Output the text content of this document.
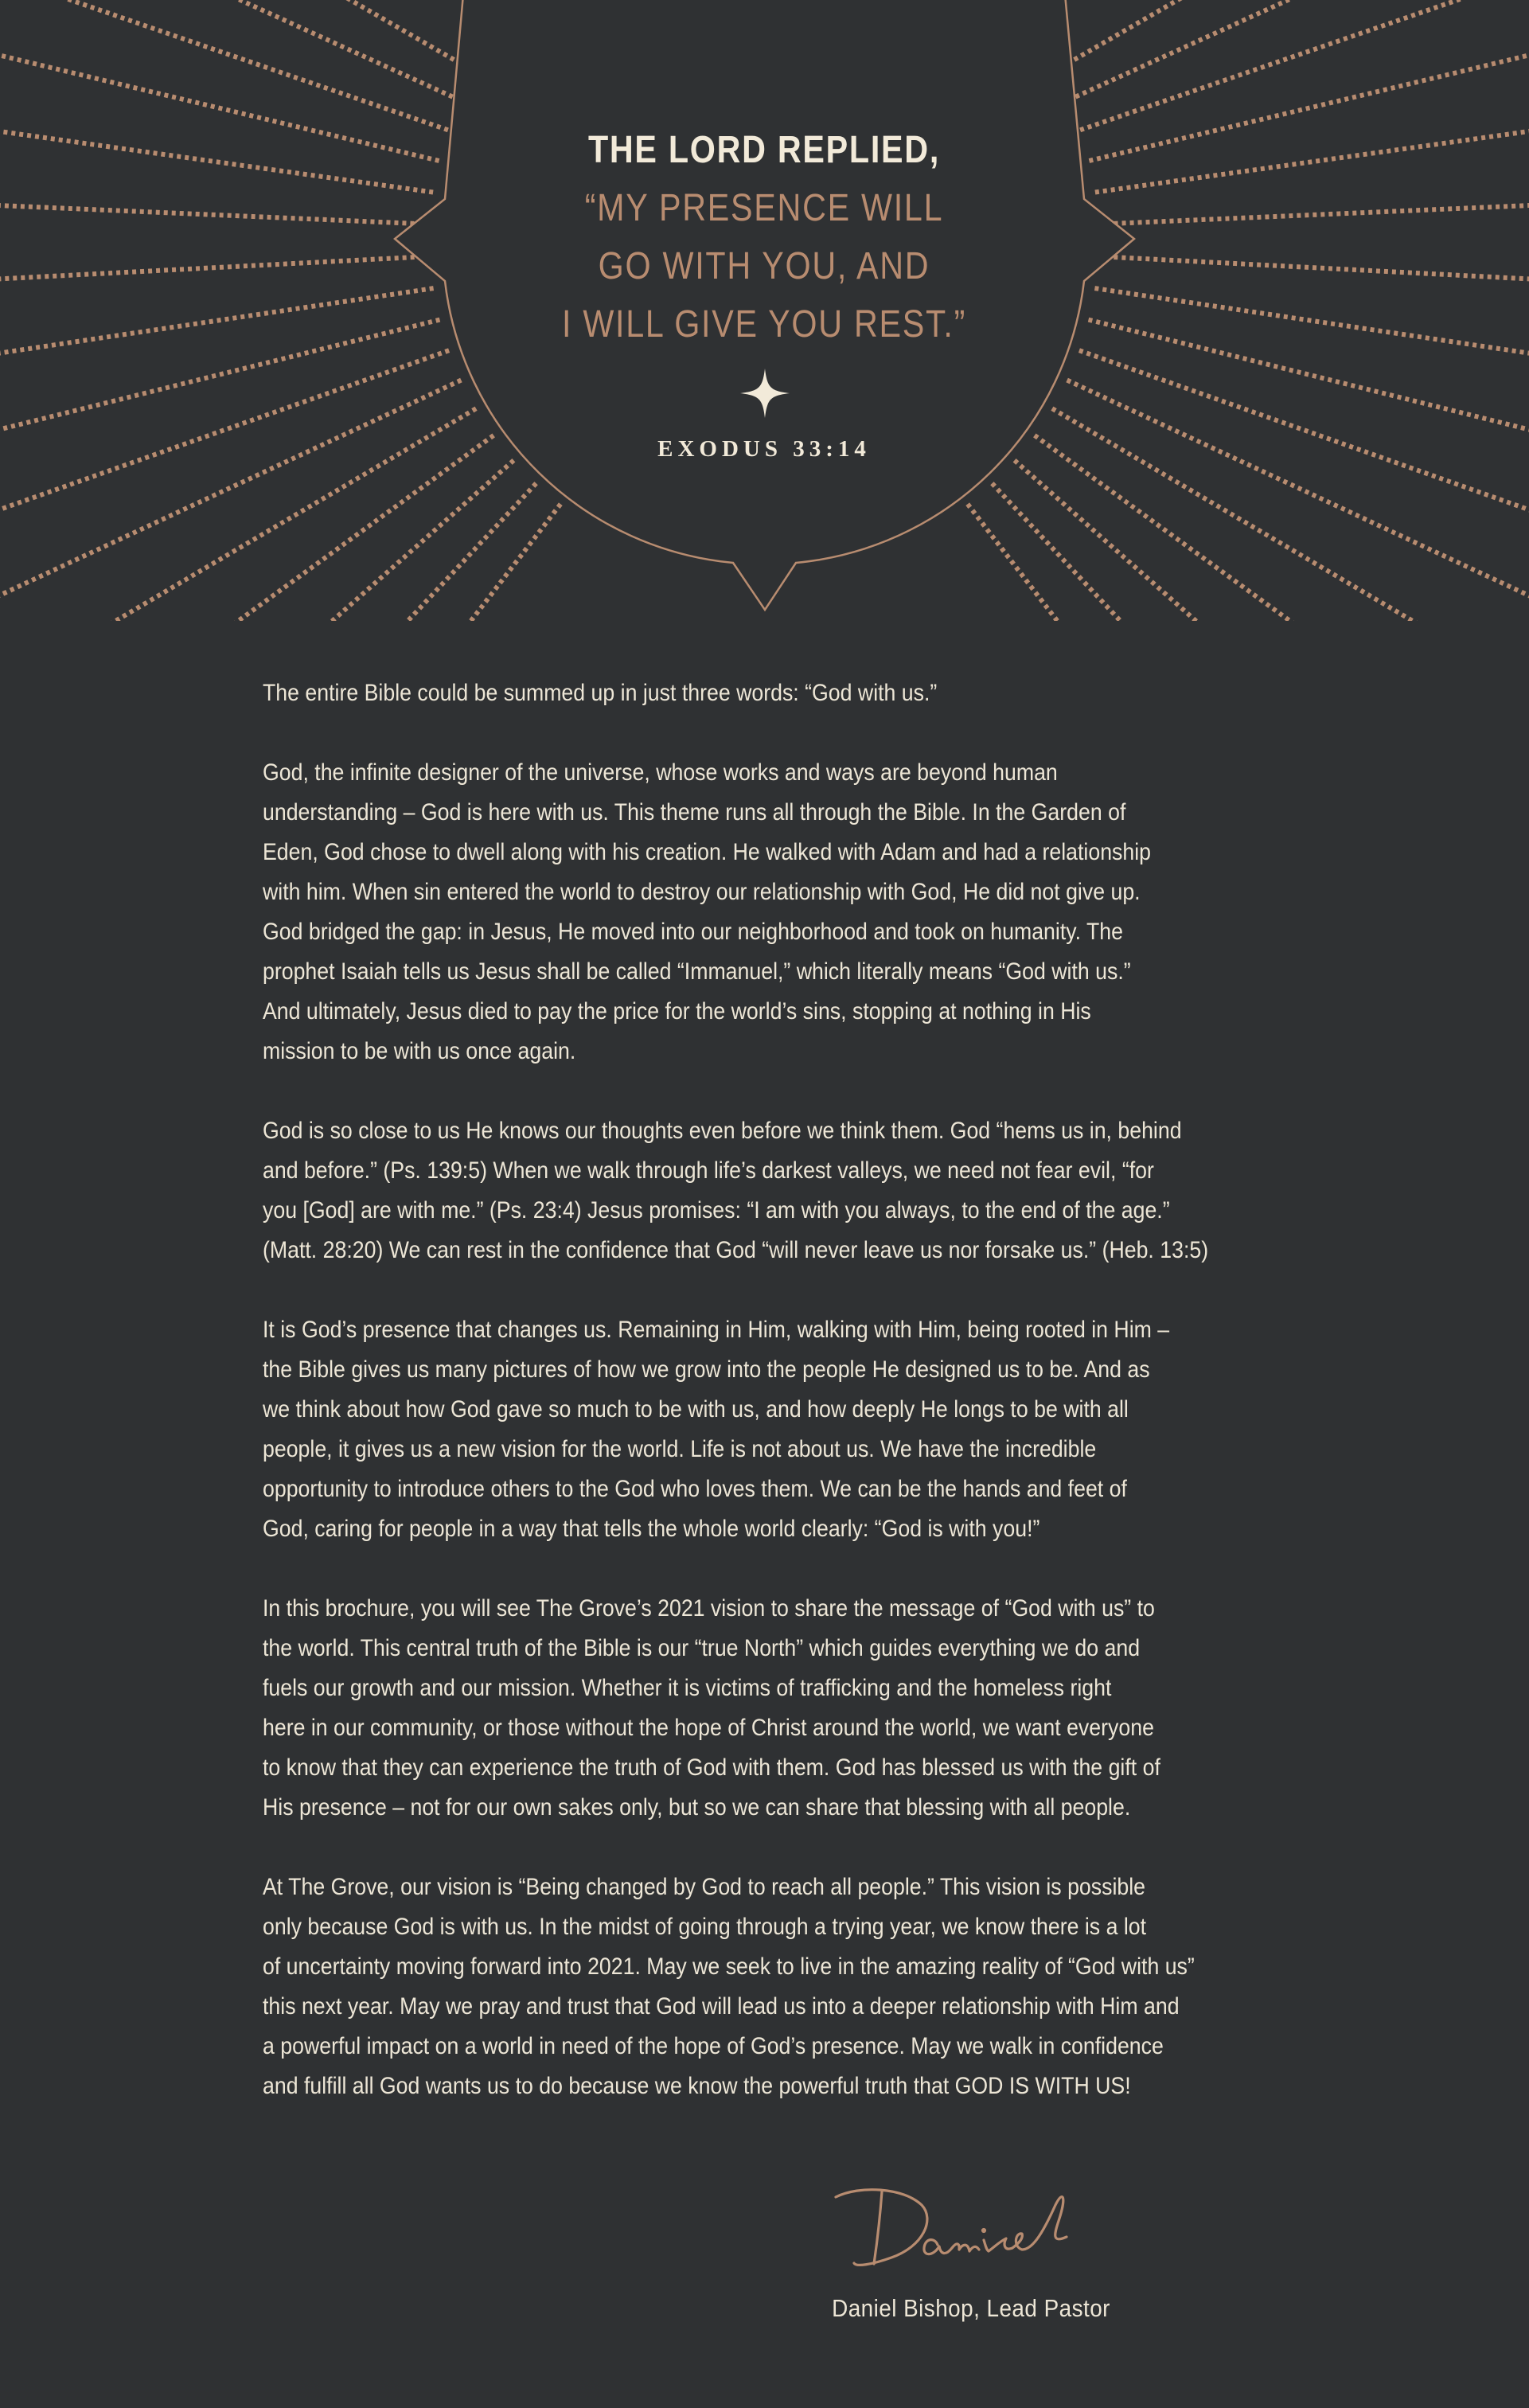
THE LORD REPLIED,
“MY PRESENCE WILL
GO WITH YOU, AND
I WILL GIVE YOU REST.”
EXODUS 33:14

The entire Bible could be summed up in just three words: “God with us.”

God, the infinite designer of the universe, whose works and ways are beyond human
understanding – God is here with us. This theme runs all through the Bible. In the Garden of
Eden, God chose to dwell along with his creation. He walked with Adam and had a relationship
with him. When sin entered the world to destroy our relationship with God, He did not give up.
God bridged the gap: in Jesus, He moved into our neighborhood and took on humanity. The
prophet Isaiah tells us Jesus shall be called “Immanuel,” which literally means “God with us.”
And ultimately, Jesus died to pay the price for the world’s sins, stopping at nothing in His
mission to be with us once again.

God is so close to us He knows our thoughts even before we think them. God “hems us in, behind
and before.” (Ps. 139:5) When we walk through life’s darkest valleys, we need not fear evil, “for
you [God] are with me.” (Ps. 23:4) Jesus promises: “I am with you always, to the end of the age.”
(Matt. 28:20) We can rest in the confidence that God “will never leave us nor forsake us.” (Heb. 13:5)

It is God’s presence that changes us. Remaining in Him, walking with Him, being rooted in Him –
the Bible gives us many pictures of how we grow into the people He designed us to be. And as
we think about how God gave so much to be with us, and how deeply He longs to be with all
people, it gives us a new vision for the world. Life is not about us. We have the incredible
opportunity to introduce others to the God who loves them. We can be the hands and feet of
God, caring for people in a way that tells the whole world clearly: “God is with you!”

In this brochure, you will see The Grove’s 2021 vision to share the message of “God with us” to
the world. This central truth of the Bible is our “true North” which guides everything we do and
fuels our growth and our mission. Whether it is victims of trafficking and the homeless right
here in our community, or those without the hope of Christ around the world, we want everyone
to know that they can experience the truth of God with them. God has blessed us with the gift of
His presence – not for our own sakes only, but so we can share that blessing with all people.

At The Grove, our vision is “Being changed by God to reach all people.” This vision is possible
only because God is with us. In the midst of going through a trying year, we know there is a lot
of uncertainty moving forward into 2021. May we seek to live in the amazing reality of “God with us”
this next year. May we pray and trust that God will lead us into a deeper relationship with Him and
a powerful impact on a world in need of the hope of God’s presence. May we walk in confidence
and fulfill all God wants us to do because we know the powerful truth that GOD IS WITH US!

Daniel Bishop, Lead Pastor
